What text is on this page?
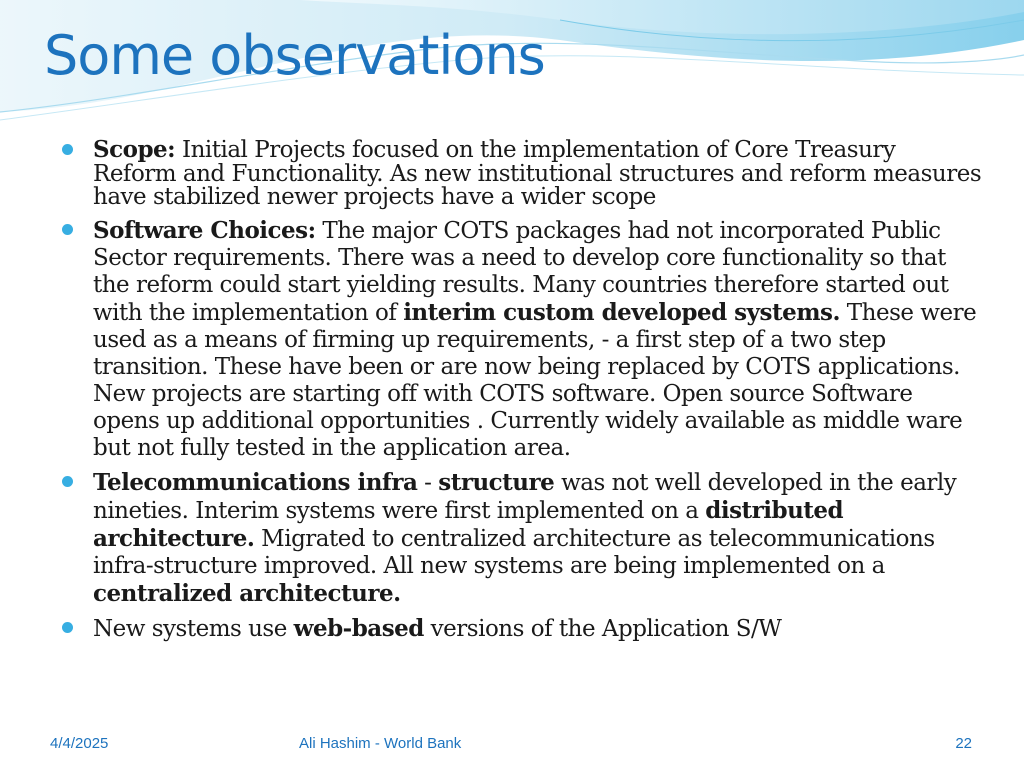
Some observations
Scope: Initial Projects focused on the implementation of Core Treasury Reform and Functionality. As new institutional structures and reform measures have stabilized newer projects have a wider scope
Software Choices: The major COTS packages had not incorporated Public Sector requirements. There was a need to develop core functionality so that the reform could start yielding results. Many countries therefore started out with the implementation of interim custom developed systems. These were used as a means of firming up requirements, - a first step of a two step transition. These have been or are now being replaced by COTS applications. New projects are starting off with COTS software. Open source Software opens up additional opportunities . Currently widely available as middle ware but not fully tested in the application area.
Telecommunications infra - structure was not well developed in the early nineties. Interim systems were first implemented on a distributed architecture. Migrated to centralized architecture as telecommunications infra-structure improved. All new systems are being implemented on a centralized architecture.
New systems use web-based versions of the Application S/W
4/4/2025	Ali Hashim - World Bank	22
